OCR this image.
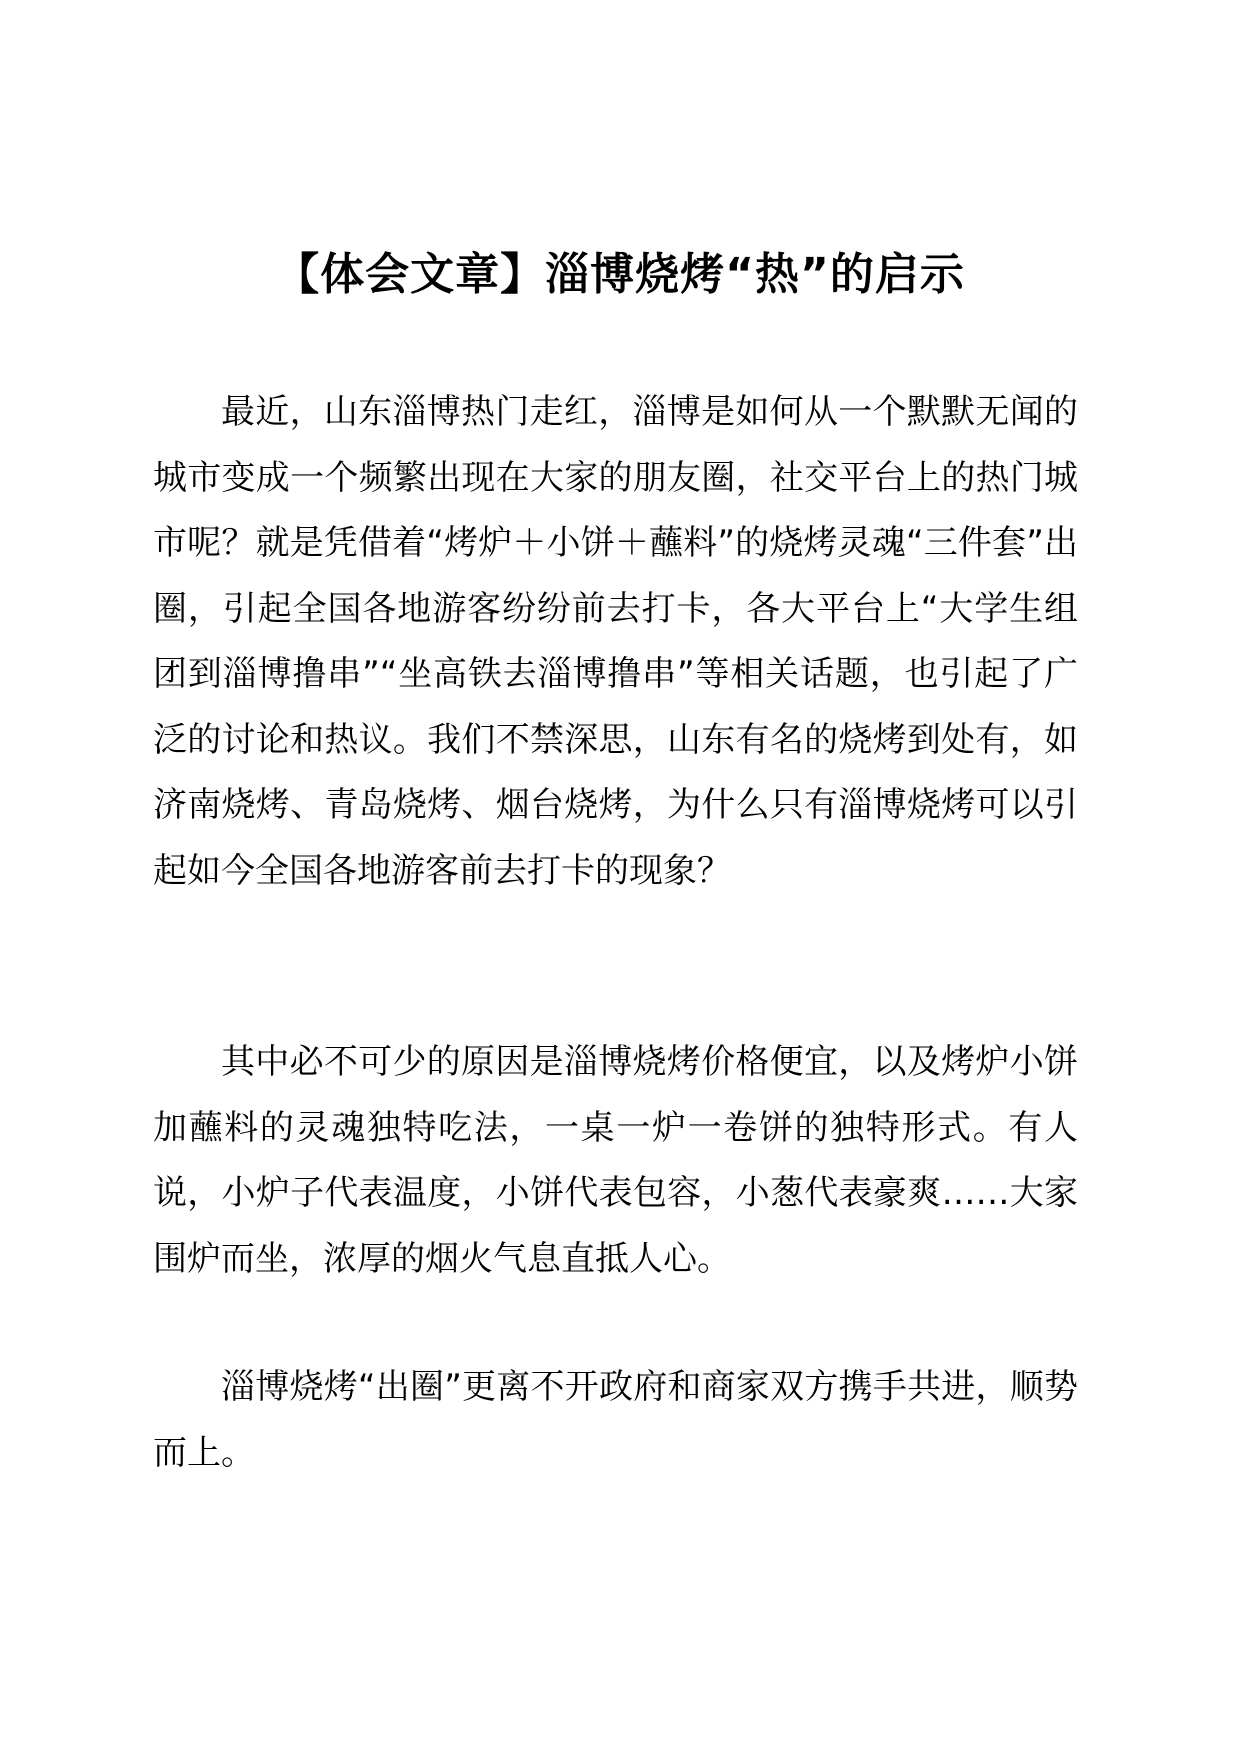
【体会文章】淄博烧烤“热”的启示

最近，山东淄博热门走红，淄博是如何从一个默默无闻的城市变成一个频繁出现在大家的朋友圈，社交平台上的热门城市呢？就是凭借着“烤炉＋小饼＋蘸料”的烧烤灵魂“三件套”出圈，引起全国各地游客纷纷前去打卡，各大平台上“大学生组团到淄博撸串”“坐高铁去淄博撸串”等相关话题，也引起了广泛的讨论和热议。我们不禁深思，山东有名的烧烤到处有，如济南烧烤、青岛烧烤、烟台烧烤，为什么只有淄博烧烤可以引起如今全国各地游客前去打卡的现象？

其中必不可少的原因是淄博烧烤价格便宜，以及烤炉小饼加蘸料的灵魂独特吃法，一桌一炉一卷饼的独特形式。有人说，小炉子代表温度，小饼代表包容，小葱代表豪爽……大家围炉而坐，浓厚的烟火气息直抵人心。

淄博烧烤“出圈”更离不开政府和商家双方携手共进，顺势而上。
